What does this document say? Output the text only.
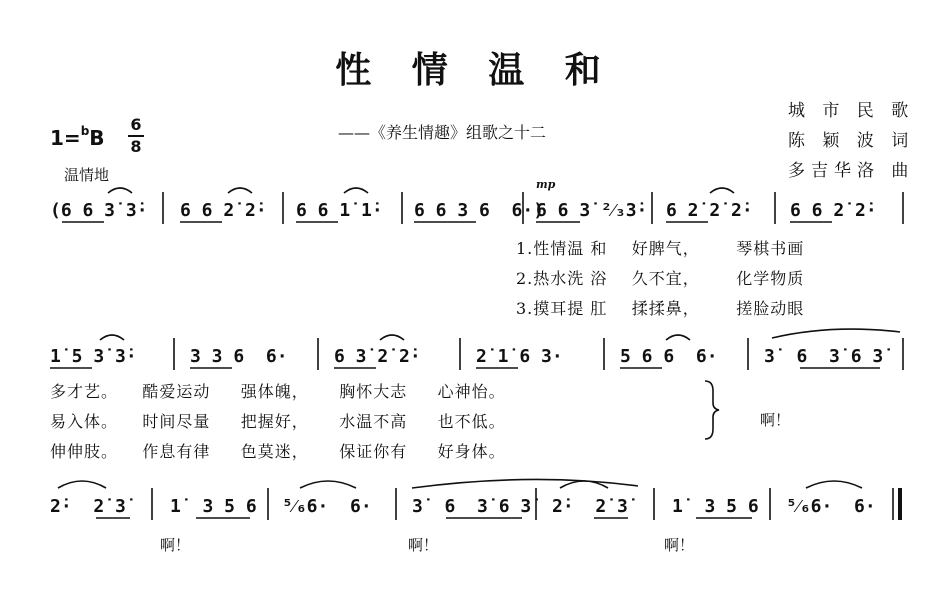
性 情 温 和
——《养生情趣》组歌之十二
城 市 民 歌
陈 颖 波 词
多吉华洛 曲
1=$^b$B
6
8
温情地
mp
(6 6 3̇ 3̇· 6 6 2̇ 2̇· 6 6 1̇ 1̇· 6 6 3 6  6·)
6 6 3̇ ²⁄₃3̇· 6 2̇ 2̇ 2̇· 6 6 2̇ 2̇·
1.性情温 和    好脾气，      琴棋书画
2.热水洗 浴    久不宜，      化学物质
3.摸耳提 肛    揉揉鼻，      搓脸动眼
1̇ 5 3̇ 3̇·	3 3 6  6·	6 3̇ 2̇ 2̇·	2̇ 1̇ 6 3·	5 6 6  6·	3̇  6  3̇ 6 3̇
多才艺。    酷爱运动     强体魄，     胸怀大志     心神怡。
易入体。    时间尽量     把握好，     水温不高     也不低。
伸伸肢。    作息有律     色莫迷，     保证你有     好身体。
啊！
2̇·  2̇ 3̇ 1̇  3 5 6 ⁵⁄₆6·  6· 3̇  6  3̇ 6 3̇ 2̇·  2̇ 3̇ 1̇  3 5 6 ⁵⁄₆6·  6·
啊！	啊！	啊！
